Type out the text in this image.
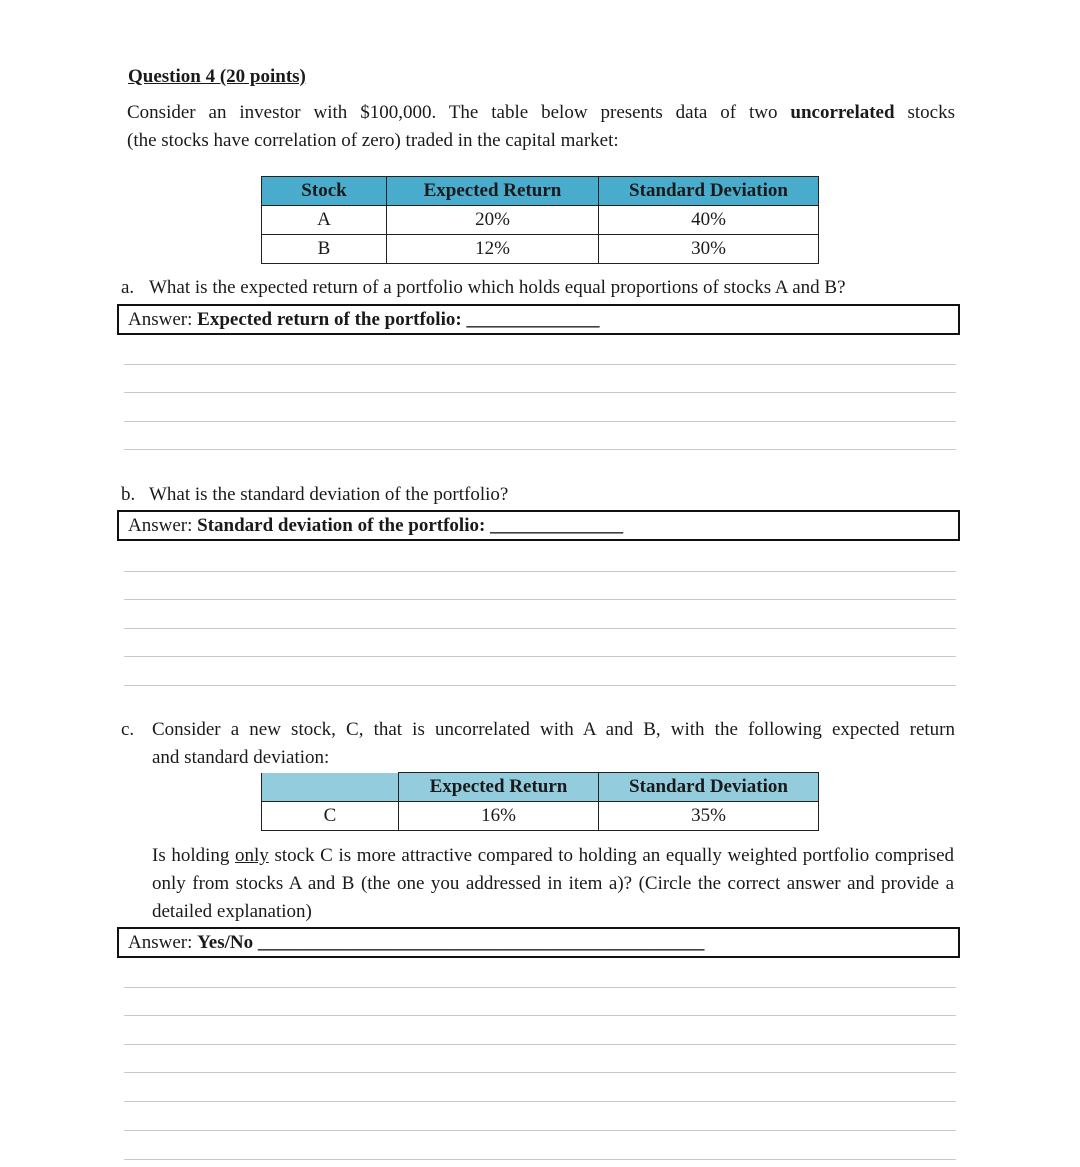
Question 4 (20 points)
Consider an investor with $100,000. The table below presents data of two uncorrelated stocks
(the stocks have correlation of zero) traded in the capital market:
Stock	Expected Return	Standard Deviation
A	20%	40%
B	12%	30%
a. What is the expected return of a portfolio which holds equal proportions of stocks A and B?
Answer: Expected return of the portfolio: ______________
b. What is the standard deviation of the portfolio?
Answer: Standard deviation of the portfolio: ______________
c. Consider a new stock, C, that is uncorrelated with A and B, with the following expected return
and standard deviation:
	Expected Return	Standard Deviation
C	16%	35%
Is holding only stock C is more attractive compared to holding an equally weighted portfolio comprised only from stocks A and B (the one you addressed in item a)? (Circle the correct answer and provide a detailed explanation)
Answer: Yes/No _______________________________________________
